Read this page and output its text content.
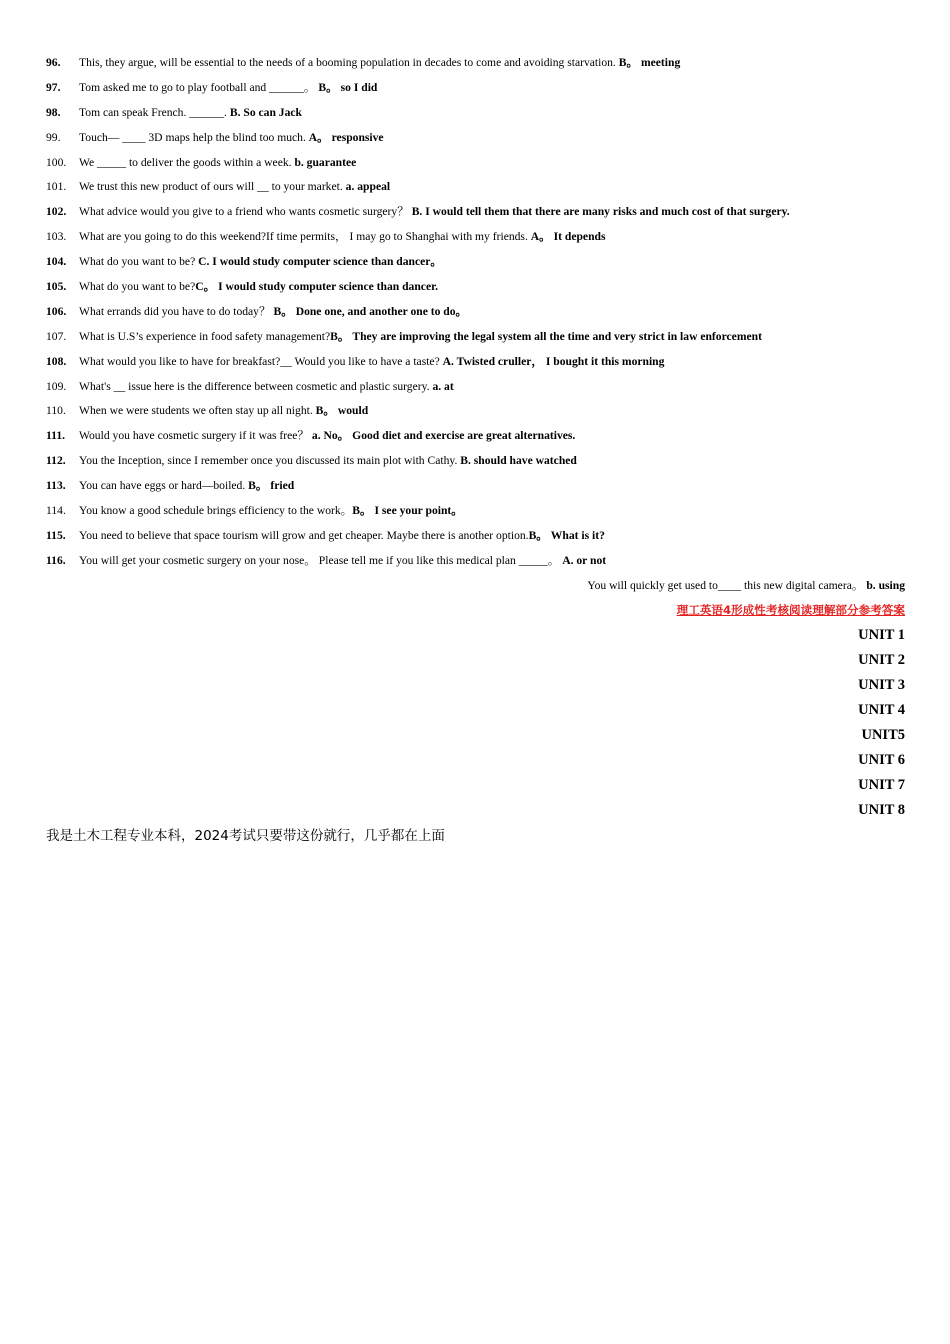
96. This, they argue, will be essential to the needs of a booming population in decades to come and avoiding starvation. B。 meeting
97. Tom asked me to go to play football and ______。 B。 so I did
98. Tom can speak French. ______. B. So can Jack
99. Touch— ____ 3D maps help the blind too much. A。 responsive
100. We _____ to deliver the goods within a week. b. guarantee
101. We trust this new product of ours will __ to your market. a. appeal
102. What advice would you give to a friend who wants cosmetic surgery？ B. I would tell them that there are many risks and much cost of that surgery.
103. What are you going to do this weekend?If time permits， I may go to Shanghai with my friends. A。 It depends
104. What do you want to be? C. I would study computer science than dancer。
105. What do you want to be?C。 I would study computer science than dancer.
106. What errands did you have to do today？ B。 Done one, and another one to do。
107. What is U.S’s experience in food safety management?B。 They are improving the legal system all the time and very strict in law enforcement
108. What would you like to have for breakfast?__ Would you like to have a taste? A. Twisted cruller， I bought it this morning
109. What's __ issue here is the difference between cosmetic and plastic surgery. a. at
110. When we were students we often stay up all night. B。 would
111. Would you have cosmetic surgery if it was free？ a. No。 Good diet and exercise are great alternatives.
112. You the Inception, since I remember once you discussed its main plot with Cathy. B. should have watched
113. You can have eggs or hard—boiled. B。 fried
114. You know a good schedule brings efficiency to the work。B。 I see your point。
115. You need to believe that space tourism will grow and get cheaper. Maybe there is another option.B。 What is it?
116. You will get your cosmetic surgery on your nose。 Please tell me if you like this medical plan _____。 A. or not
You will quickly get used to____ this new digital camera。 b. using
理工英语4形成性考核阅读理解部分参考答案
UNIT 1
UNIT 2
UNIT 3
UNIT 4
UNIT5
UNIT 6
UNIT 7
UNIT 8
我是土木工程专业本科，2024考试只要带这份就行，几乎都在上面
